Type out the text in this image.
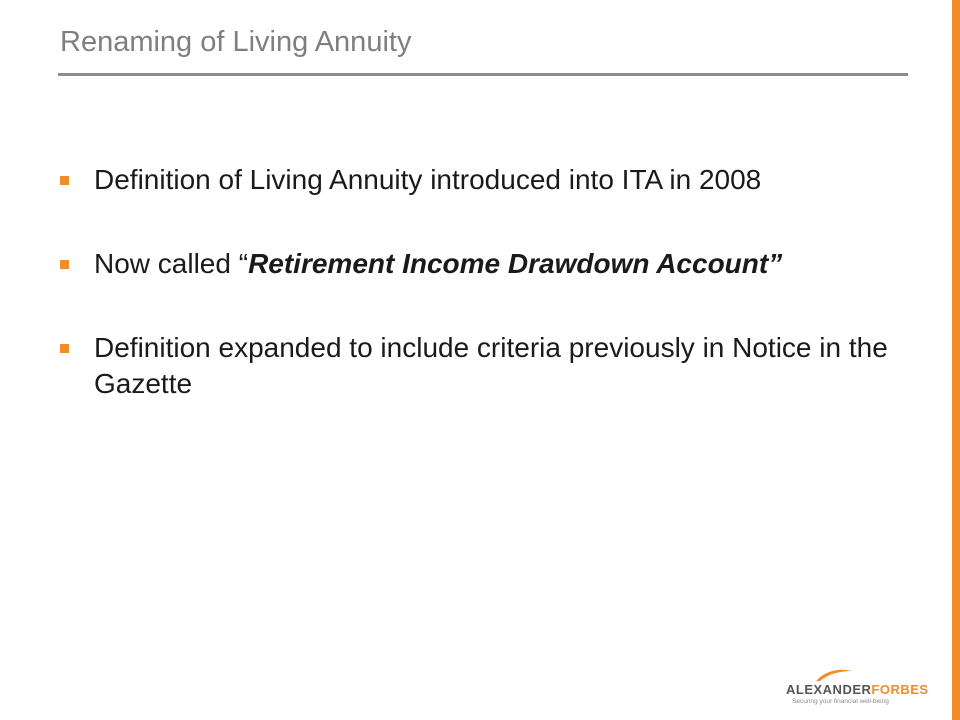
Renaming of Living Annuity
Definition of Living Annuity introduced into ITA in 2008
Now called “Retirement Income Drawdown Account”
Definition expanded to include criteria previously in Notice in the Gazette
ALEXANDERFORBES
Securing your financial well-being
